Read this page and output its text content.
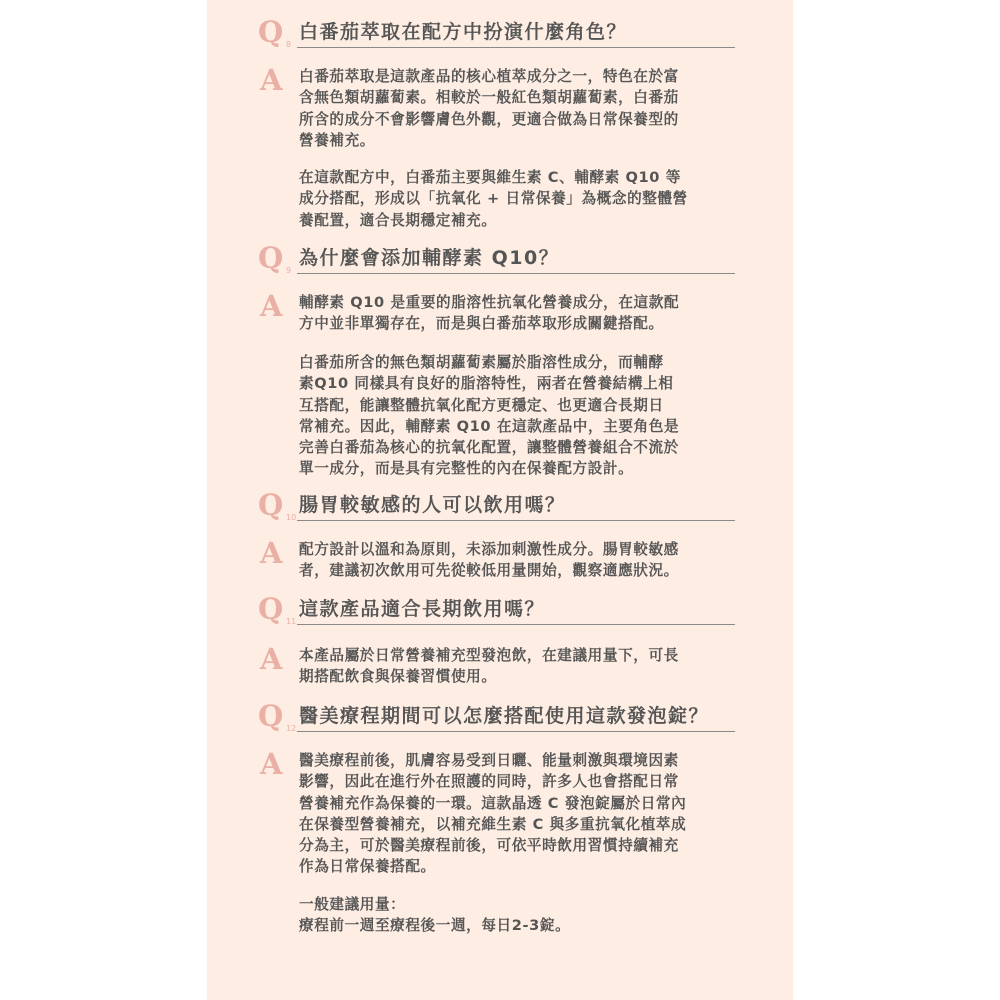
Q 8
白番茄萃取在配方中扮演什麼角色？
A 白番茄萃取是這款產品的核心植萃成分之一，特色在於富
含無色類胡蘿蔔素。相較於一般紅色類胡蘿蔔素，白番茄
所含的成分不會影響膚色外觀，更適合做為日常保養型的
營養補充。
在這款配方中，白番茄主要與維生素 C、輔酵素 Q10 等
成分搭配，形成以「抗氧化 + 日常保養」為概念的整體營
養配置，適合長期穩定補充。
Q 9
為什麼會添加輔酵素 Q10？
A 輔酵素 Q10 是重要的脂溶性抗氧化營養成分，在這款配
方中並非單獨存在，而是與白番茄萃取形成關鍵搭配。
白番茄所含的無色類胡蘿蔔素屬於脂溶性成分，而輔酵
素Q10 同樣具有良好的脂溶特性，兩者在營養結構上相
互搭配，能讓整體抗氧化配方更穩定、也更適合長期日
常補充。因此，輔酵素 Q10 在這款產品中，主要角色是
完善白番茄為核心的抗氧化配置，讓整體營養組合不流於
單一成分，而是具有完整性的內在保養配方設計。
Q 10
腸胃較敏感的人可以飲用嗎？
A 配方設計以溫和為原則，未添加刺激性成分。腸胃較敏感
者，建議初次飲用可先從較低用量開始，觀察適應狀況。
Q 11
這款產品適合長期飲用嗎？
A 本產品屬於日常營養補充型發泡飲，在建議用量下，可長
期搭配飲食與保養習慣使用。
Q 12
醫美療程期間可以怎麼搭配使用這款發泡錠？
A 醫美療程前後，肌膚容易受到日曬、能量刺激與環境因素
影響，因此在進行外在照護的同時，許多人也會搭配日常
營養補充作為保養的一環。這款晶透 C 發泡錠屬於日常內
在保養型營養補充，以補充維生素 C 與多重抗氧化植萃成
分為主，可於醫美療程前後，可依平時飲用習慣持續補充
作為日常保養搭配。
一般建議用量：
療程前一週至療程後一週，每日2-3錠。
